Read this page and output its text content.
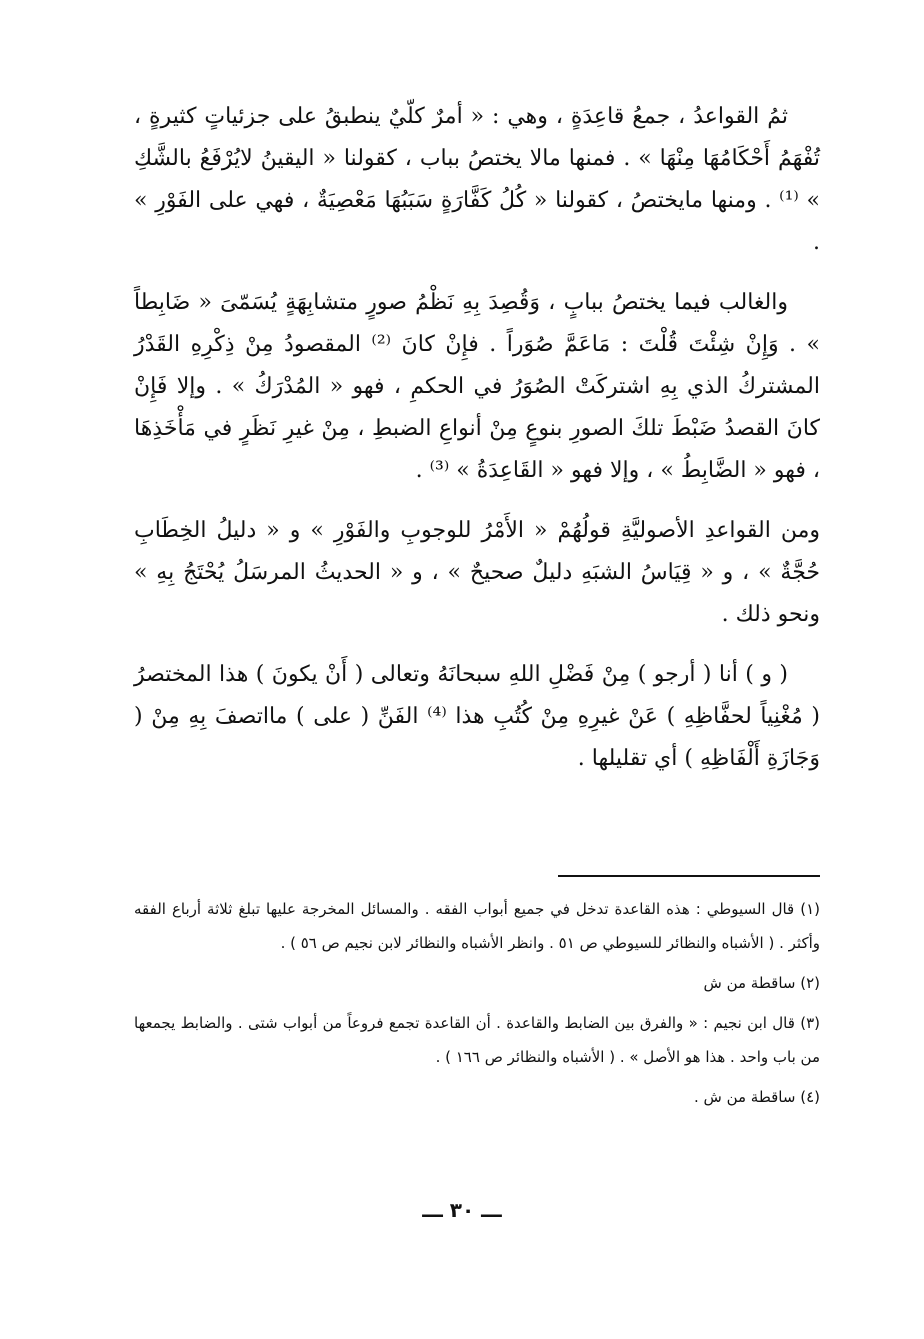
ثمُ القواعدُ ، جمعُ قاعِدَةٍ ، وهي : « أمرٌ كلّيٌ ينطبقُ على جزئياتٍ كثيرةٍ ، تُفْهَمُ أَحْكَامُهَا مِنْهَا » . فمنها مالا يختصُ بباب ، كقولنا « اليقينُ لايُرْفَعُ بالشَّكِ » ⁽¹⁾ . ومنها مايختصُ ، كقولنا « كُلُ كَفَّارَةٍ سَبَبُهَا مَعْصِيَةٌ ، فهي على الفَوْرِ » .

والغالب فيما يختصُ ببابٍ ، وَقُصِدَ بِهِ نَظْمُ صورٍ متشابِهَةٍ يُسَمّىَ « ضَابِطاً » . وَإِنْ شِئْتَ قُلْتَ : مَاعَمَّ صُوَراً . فإِنْ كانَ ⁽²⁾ المقصودُ مِنْ ذِكْرِهِ القَدْرُ المشتركُ الذي بِهِ اشتركَتْ الصُوَرُ في الحكمِ ، فهو « المُدْرَكُ » . وإلا فَإِنْ كانَ القصدُ ضَبْطَ تلكَ الصورِ بنوعٍ مِنْ أنواعِ الضبطِ ، مِنْ غيرِ نَظَرٍ في مَأْخَذِهَا ، فهو « الضَّابِطُ » ، وإلا فهو « القَاعِدَةُ » ⁽³⁾ .

ومن القواعدِ الأصوليَّةِ قولُهُمْ « الأَمْرُ للوجوبِ والفَوْرِ » و « دليلُ الخِطَابِ حُجَّةٌ » ، و « قِيَاسُ الشبَهِ دليلٌ صحيحٌ » ، و « الحديثُ المرسَلُ يُحْتَجُ بِهِ » ونحو ذلك .

( و ) أنا ( أرجو ) مِنْ فَضْلِ اللهِ سبحانَهُ وتعالى ( أَنْ يكونَ ) هذا المختصرُ ( مُغْنِياً لحفَّاظِهِ ) عَنْ غيرِهِ مِنْ كُتُبِ هذا ⁽⁴⁾ الفَنِّ ( على ) مااتصفَ بِهِ مِنْ ( وَجَازَةِ أَلْفَاظِهِ ) أي تقليلها .

(١) قال السيوطي : هذه القاعدة تدخل في جميع أبواب الفقه . والمسائل المخرجة عليها تبلغ ثلاثة أرباع الفقه وأكثر . ( الأشباه والنظائر للسيوطي ص ٥١ . وانظر الأشباه والنظائر لابن نجيم ص ٥٦ ) .
(٢) ساقطة من ش
(٣) قال ابن نجيم : « والفرق بين الضابط والقاعدة . أن القاعدة تجمع فروعاً من أبواب شتى . والضابط يجمعها من باب واحد . هذا هو الأصل » . ( الأشباه والنظائر ص ١٦٦ ) .
(٤) ساقطة من ش .
ـــ ٣٠ ـــ
